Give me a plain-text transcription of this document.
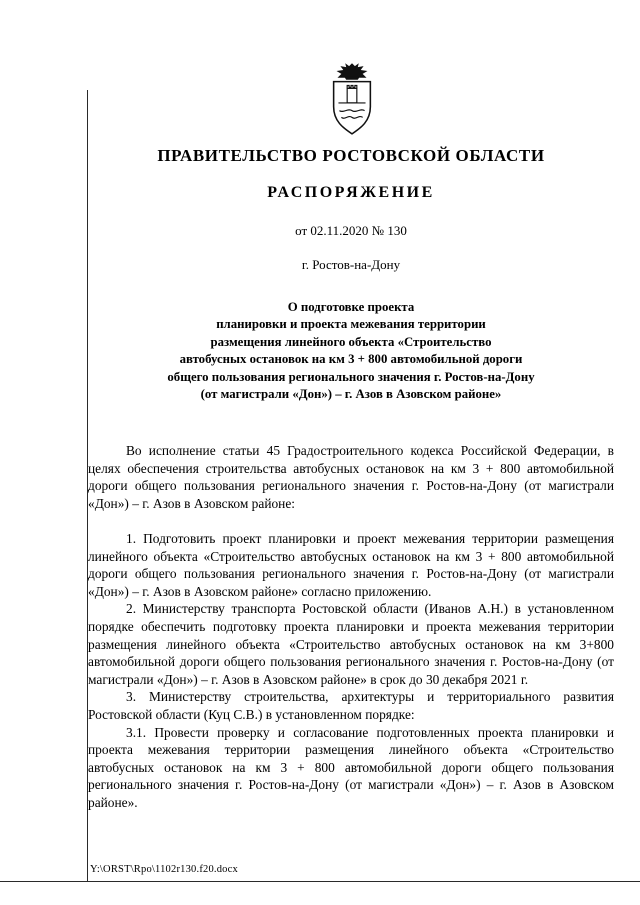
ПРАВИТЕЛЬСТВО РОСТОВСКОЙ ОБЛАСТИ
РАСПОРЯЖЕНИЕ
от 02.11.2020 № 130
г. Ростов-на-Дону
О подготовке проекта
планировки и проекта межевания территории
размещения линейного объекта «Строительство
автобусных остановок на км 3 + 800 автомобильной дороги
общего пользования регионального значения г. Ростов-на-Дону
(от магистрали «Дон») – г. Азов в Азовском районе»

Во исполнение статьи 45 Градостроительного кодекса Российской Федерации, в целях обеспечения строительства автобусных остановок на км 3 + 800 автомобильной дороги общего пользования регионального значения г. Ростов-на-Дону (от магистрали «Дон») – г. Азов в Азовском районе:

1. Подготовить проект планировки и проект межевания территории размещения линейного объекта «Строительство автобусных остановок на км 3 + 800 автомобильной дороги общего пользования регионального значения г. Ростов-на-Дону (от магистрали «Дон») – г. Азов в Азовском районе» согласно приложению.

2. Министерству транспорта Ростовской области (Иванов А.Н.) в установленном порядке обеспечить подготовку проекта планировки и проекта межевания территории размещения линейного объекта «Строительство автобусных остановок на км 3+800 автомобильной дороги общего пользования регионального значения г. Ростов-на-Дону (от магистрали «Дон») – г. Азов в Азовском районе» в срок до 30 декабря 2021 г.

3. Министерству строительства, архитектуры и территориального развития Ростовской области (Куц С.В.) в установленном порядке:

3.1. Провести проверку и согласование подготовленных проекта планировки и проекта межевания территории размещения линейного объекта «Строительство автобусных остановок на км 3 + 800 автомобильной дороги общего пользования регионального значения г. Ростов-на-Дону (от магистрали «Дон») – г. Азов в Азовском районе».

Y:\ORST\Rpo\1102r130.f20.docx
